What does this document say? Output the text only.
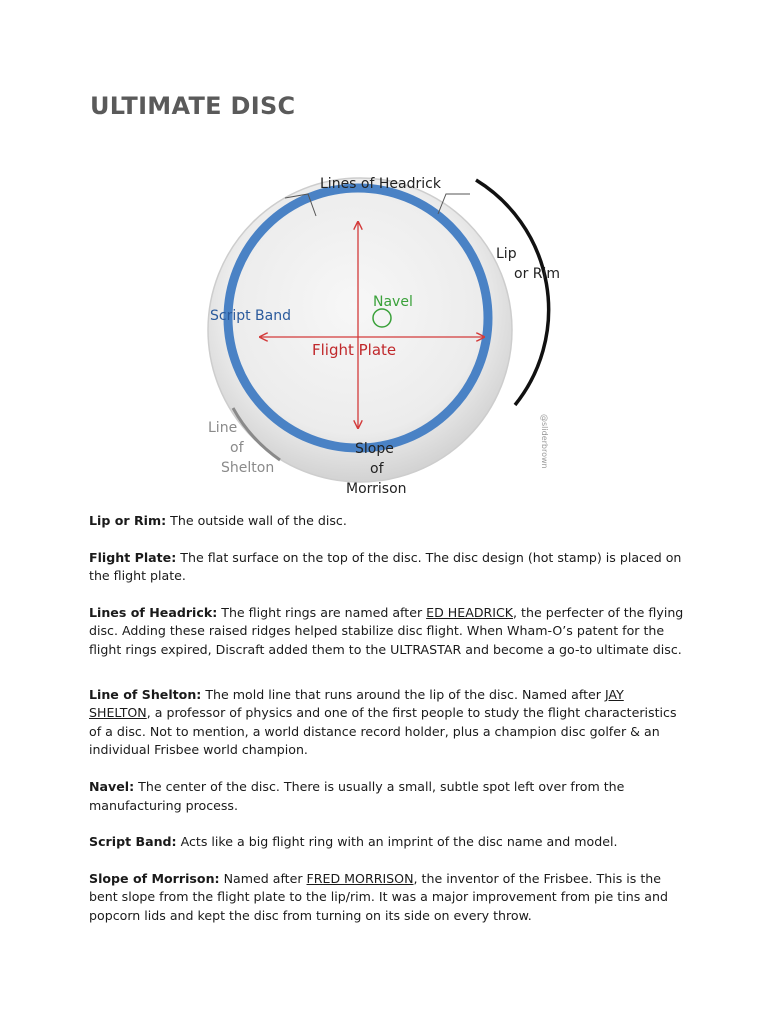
ULTIMATE DISC
Lines of Headrick
Lip
or Rim
Navel
Script Band
Flight Plate
Line
of
Shelton
Slope
of
Morrison
@sliderbrown

Lip or Rim: The outside wall of the disc.

Flight Plate: The flat surface on the top of the disc. The disc design (hot stamp) is placed on the flight plate.

Lines of Headrick: The flight rings are named after ED HEADRICK, the perfecter of the flying disc. Adding these raised ridges helped stabilize disc flight. When Wham-O’s patent for the flight rings expired, Discraft added them to the ULTRASTAR and become a go-to ultimate disc.

Line of Shelton: The mold line that runs around the lip of the disc. Named after JAY SHELTON, a professor of physics and one of the first people to study the flight characteristics of a disc. Not to mention, a world distance record holder, plus a champion disc golfer & an individual Frisbee world champion.

Navel: The center of the disc. There is usually a small, subtle spot left over from the manufacturing process.

Script Band: Acts like a big flight ring with an imprint of the disc name and model.

Slope of Morrison: Named after FRED MORRISON, the inventor of the Frisbee. This is the bent slope from the flight plate to the lip/rim. It was a major improvement from pie tins and popcorn lids and kept the disc from turning on its side on every throw.
